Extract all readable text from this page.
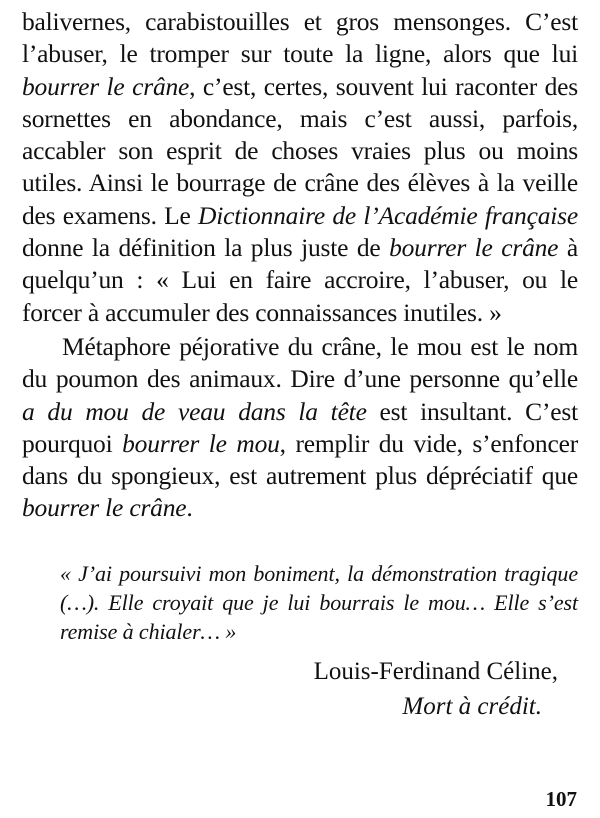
balivernes, carabistouilles et gros mensonges. C’est l’abuser, le tromper sur toute la ligne, alors que lui bourrer le crâne, c’est, certes, souvent lui raconter des sornettes en abondance, mais c’est aussi, parfois, accabler son esprit de choses vraies plus ou moins utiles. Ainsi le bourrage de crâne des élèves à la veille des examens. Le Dictionnaire de l’Académie française donne la définition la plus juste de bourrer le crâne à quelqu’un : « Lui en faire accroire, l’abuser, ou le forcer à accumuler des connaissances inutiles. »

Métaphore péjorative du crâne, le mou est le nom du poumon des animaux. Dire d’une personne qu’elle a du mou de veau dans la tête est insultant. C’est pourquoi bourrer le mou, remplir du vide, s’enfoncer dans du spongieux, est autrement plus dépréciatif que bourrer le crâne.

« J’ai poursuivi mon boniment, la démonstration tragique (…). Elle croyait que je lui bourrais le mou… Elle s’est remise à chialer… »

Louis-Ferdinand Céline,
Mort à crédit.
107
